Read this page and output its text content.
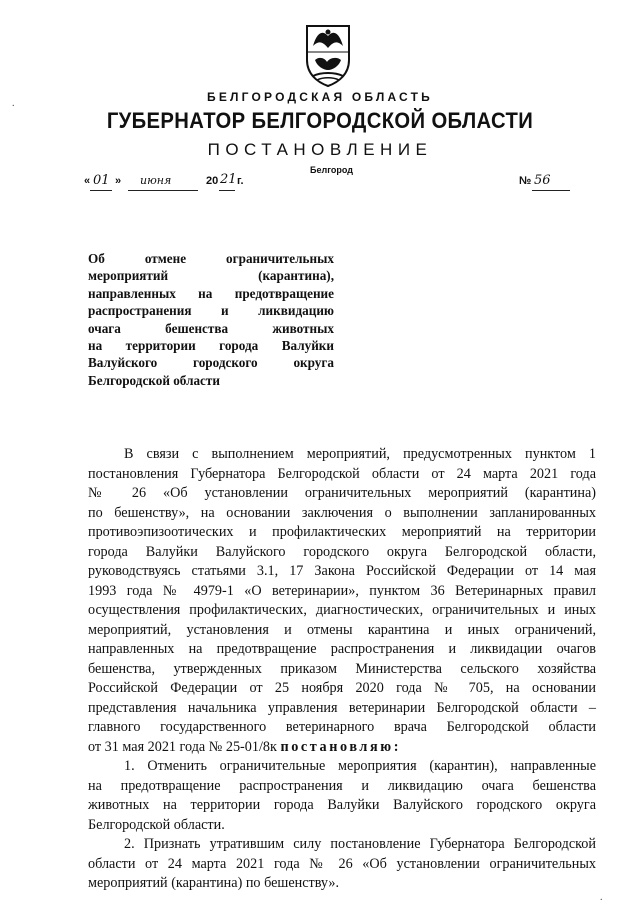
БЕЛГОРОДСКАЯ ОБЛАСТЬ
ГУБЕРНАТОР БЕЛГОРОДСКОЙ ОБЛАСТИ
ПОСТАНОВЛЕНИЕ
Белгород
« 01 » июня	20 21 г.	№ 56
Об отмене ограничительных
мероприятий (карантина),
направленных на предотвращение
распространения и ликвидацию
очага бешенства животных
на территории города Валуйки
Валуйского городского округа
Белгородской области
В связи с выполнением мероприятий, предусмотренных пунктом 1
постановления Губернатора Белгородской области от 24 марта 2021 года
№ 26 «Об установлении ограничительных мероприятий (карантина)
по бешенству», на основании заключения о выполнении запланированных
противоэпизоотических и профилактических мероприятий на территории
города Валуйки Валуйского городского округа Белгородской области,
руководствуясь статьями 3.1, 17 Закона Российской Федерации от 14 мая
1993 года № 4979-1 «О ветеринарии», пунктом 36 Ветеринарных правил
осуществления профилактических, диагностических, ограничительных и иных
мероприятий, установления и отмены карантина и иных ограничений,
направленных на предотвращение распространения и ликвидации очагов
бешенства, утвержденных приказом Министерства сельского хозяйства
Российской Федерации от 25 ноября 2020 года № 705, на основании
представления начальника управления ветеринарии Белгородской области –
главного государственного ветеринарного врача Белгородской области
от 31 мая 2021 года № 25-01/8к постановляю:
1. Отменить ограничительные мероприятия (карантин), направленные
на предотвращение распространения и ликвидацию очага бешенства
животных на территории города Валуйки Валуйского городского округа
Белгородской области.
2. Признать утратившим силу постановление Губернатора Белгородской
области от 24 марта 2021 года № 26 «Об установлении ограничительных
мероприятий (карантина) по бешенству».
.
.
